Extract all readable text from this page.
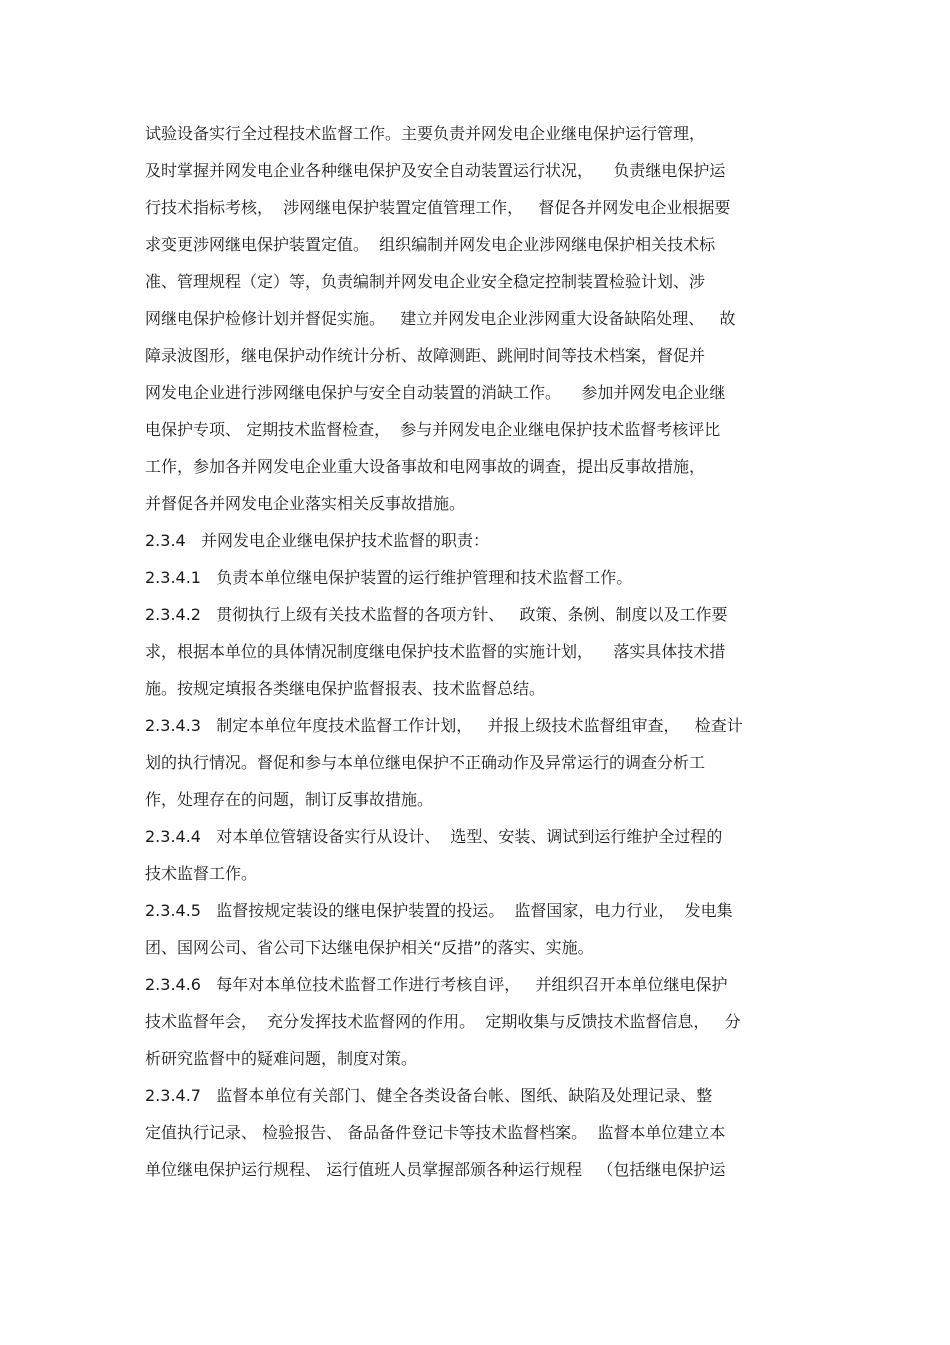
试验设备实行全过程技术监督工作。主要负责并网发电企业继电保护运行管理，
及时掌握并网发电企业各种继电保护及安全自动装置运行状况，    负责继电保护运
行技术指标考核，  涉网继电保护装置定值管理工作，   督促各并网发电企业根据要
求变更涉网继电保护装置定值。  组织编制并网发电企业涉网继电保护相关技术标
准、管理规程（定）等，负责编制并网发电企业安全稳定控制装置检验计划、涉
网继电保护检修计划并督促实施。   建立并网发电企业涉网重大设备缺陷处理、   故
障录波图形，继电保护动作统计分析、故障测距、跳闸时间等技术档案，督促并
网发电企业进行涉网继电保护与安全自动装置的消缺工作。    参加并网发电企业继
电保护专项、 定期技术监督检查，  参与并网发电企业继电保护技术监督考核评比
工作，参加各并网发电企业重大设备事故和电网事故的调查，提出反事故措施，
并督促各并网发电企业落实相关反事故措施。
2.3.4   并网发电企业继电保护技术监督的职责：
2.3.4.1   负责本单位继电保护装置的运行维护管理和技术监督工作。
2.3.4.2   贯彻执行上级有关技术监督的各项方针、   政策、条例、制度以及工作要
求，根据本单位的具体情况制度继电保护技术监督的实施计划，    落实具体技术措
施。按规定填报各类继电保护监督报表、技术监督总结。
2.3.4.3   制定本单位年度技术监督工作计划，   并报上级技术监督组审查，   检查计
划的执行情况。督促和参与本单位继电保护不正确动作及异常运行的调查分析工
作，处理存在的问题，制订反事故措施。
2.3.4.4   对本单位管辖设备实行从设计、  选型、安装、调试到运行维护全过程的
技术监督工作。
2.3.4.5   监督按规定装设的继电保护装置的投运。  监督国家，电力行业，  发电集
团、国网公司、省公司下达继电保护相关“反措”的落实、实施。
2.3.4.6   每年对本单位技术监督工作进行考核自评，   并组织召开本单位继电保护
技术监督年会，  充分发挥技术监督网的作用。  定期收集与反馈技术监督信息，   分
析研究监督中的疑难问题，制度对策。
2.3.4.7   监督本单位有关部门、健全各类设备台帐、图纸、缺陷及处理记录、整
定值执行记录、 检验报告、 备品备件登记卡等技术监督档案。  监督本单位建立本
单位继电保护运行规程、 运行值班人员掌握部颁各种运行规程   （包括继电保护运
